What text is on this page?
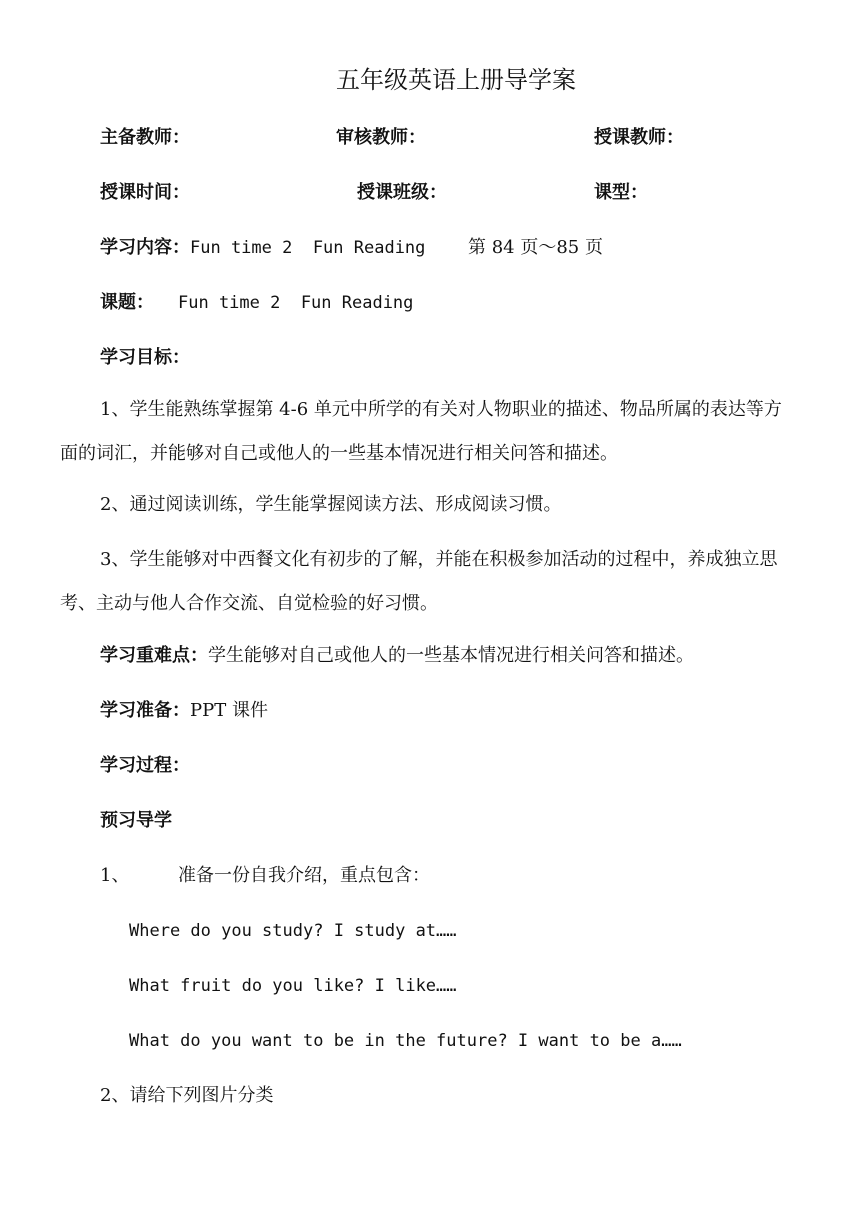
五年级英语上册导学案
主备教师：	审核教师：	授课教师：
授课时间：	授课班级：	课型：
学习内容：Fun time 2  Fun Reading 第 84 页～85 页
课题： Fun time 2  Fun Reading
学习目标：

1、学生能熟练掌握第 4-6 单元中所学的有关对人物职业的描述、物品所属的表达等方面的词汇，并能够对自己或他人的一些基本情况进行相关问答和描述。

2、通过阅读训练，学生能掌握阅读方法、形成阅读习惯。

3、学生能够对中西餐文化有初步的了解，并能在积极参加活动的过程中，养成独立思考、主动与他人合作交流、自觉检验的好习惯。

学习重难点：学生能够对自己或他人的一些基本情况进行相关问答和描述。
学习准备：PPT 课件
学习过程：
预习导学
1、	准备一份自我介绍，重点包含：
Where do you study? I study at……
What fruit do you like? I like……
What do you want to be in the future? I want to be a……
2、请给下列图片分类
